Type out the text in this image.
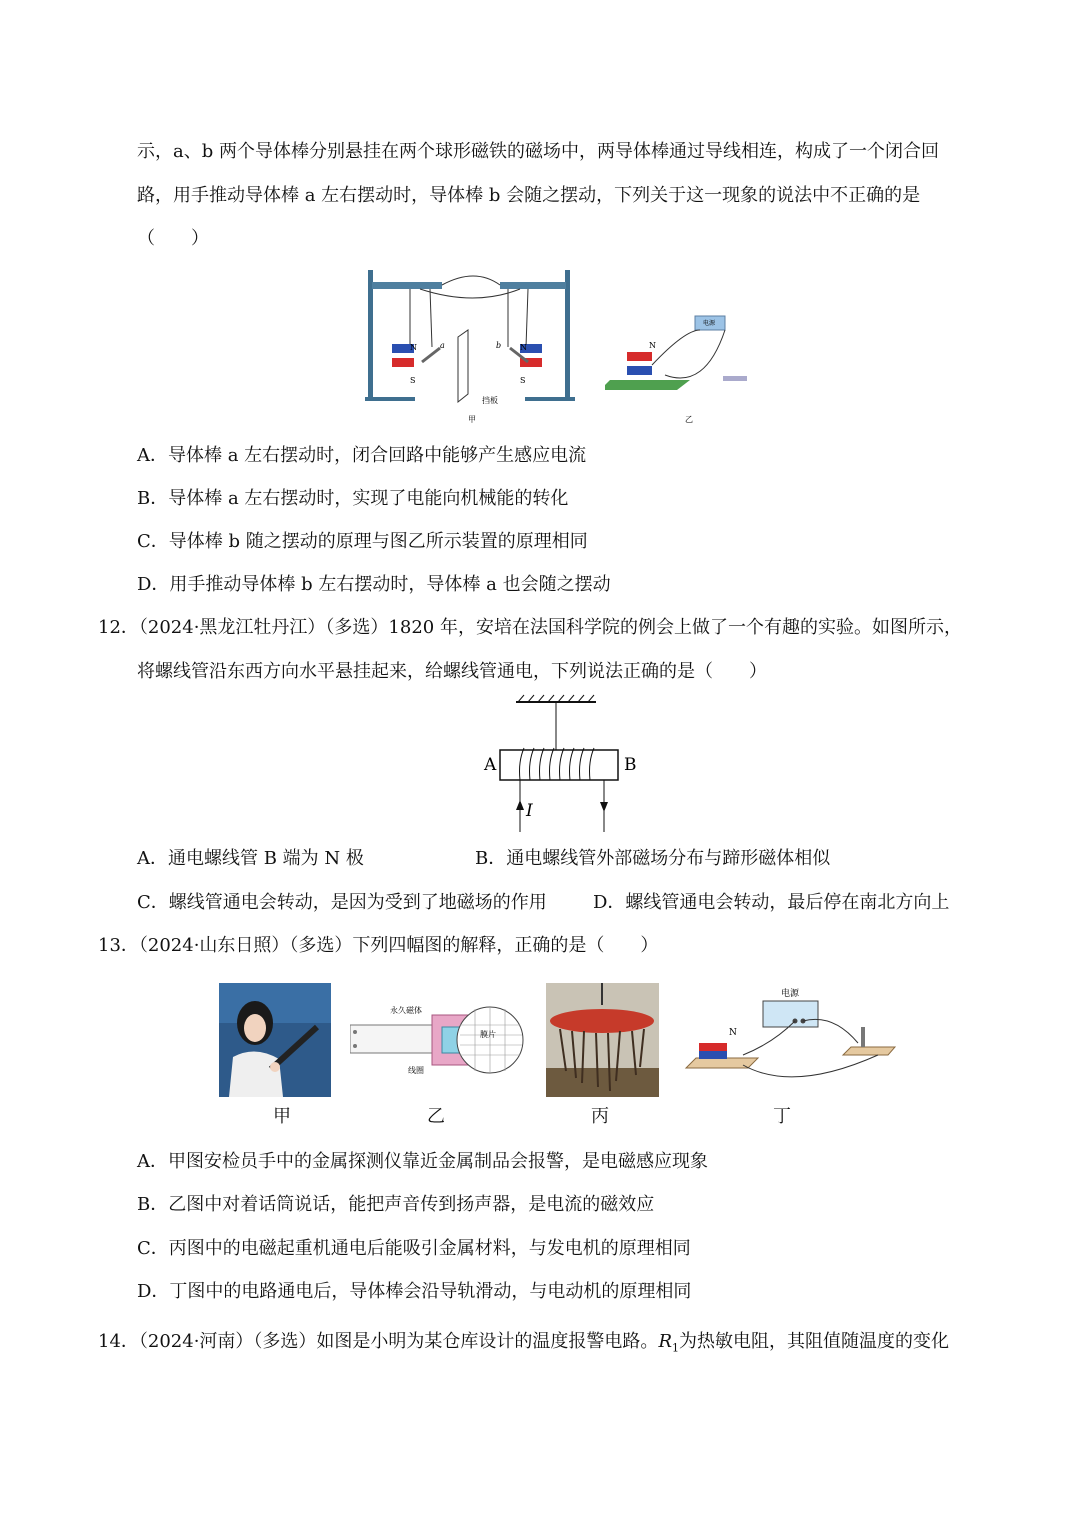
示，a、b 两个导体棒分别悬挂在两个球形磁铁的磁场中，两导体棒通过导线相连，构成了一个闭合回
路，用手推动导体棒 a 左右摆动时，导体棒 b 会随之摆动，下列关于这一现象的说法中不正确的是
（　　）
N
S
N
S
a	b
挡板
甲
N
电源
乙
A．导体棒 a 左右摆动时，闭合回路中能够产生感应电流
B．导体棒 a 左右摆动时，实现了电能向机械能的转化
C．导体棒 b 随之摆动的原理与图乙所示装置的原理相同
D．用手推动导体棒 b 左右摆动时，导体棒 a 也会随之摆动
12．（2024·黑龙江牡丹江）（多选）1820 年，安培在法国科学院的例会上做了一个有趣的实验。如图所示，
将螺线管沿东西方向水平悬挂起来，给螺线管通电，下列说法正确的是（　　）
A	B
I
A．通电螺线管 B 端为 N 极	B．通电螺线管外部磁场分布与蹄形磁体相似
C．螺线管通电会转动，是因为受到了地磁场的作用	D．螺线管通电会转动，最后停在南北方向上
13．（2024·山东日照）（多选）下列四幅图的解释，正确的是（　　）
永久磁体
线圈
膜片
电源
N
甲	乙	丙	丁
A．甲图安检员手中的金属探测仪靠近金属制品会报警，是电磁感应现象
B．乙图中对着话筒说话，能把声音传到扬声器，是电流的磁效应
C．丙图中的电磁起重机通电后能吸引金属材料，与发电机的原理相同
D．丁图中的电路通电后，导体棒会沿导轨滑动，与电动机的原理相同
14．（2024·河南）（多选）如图是小明为某仓库设计的温度报警电路。$R_1$为热敏电阻，其阻值随温度的变化
